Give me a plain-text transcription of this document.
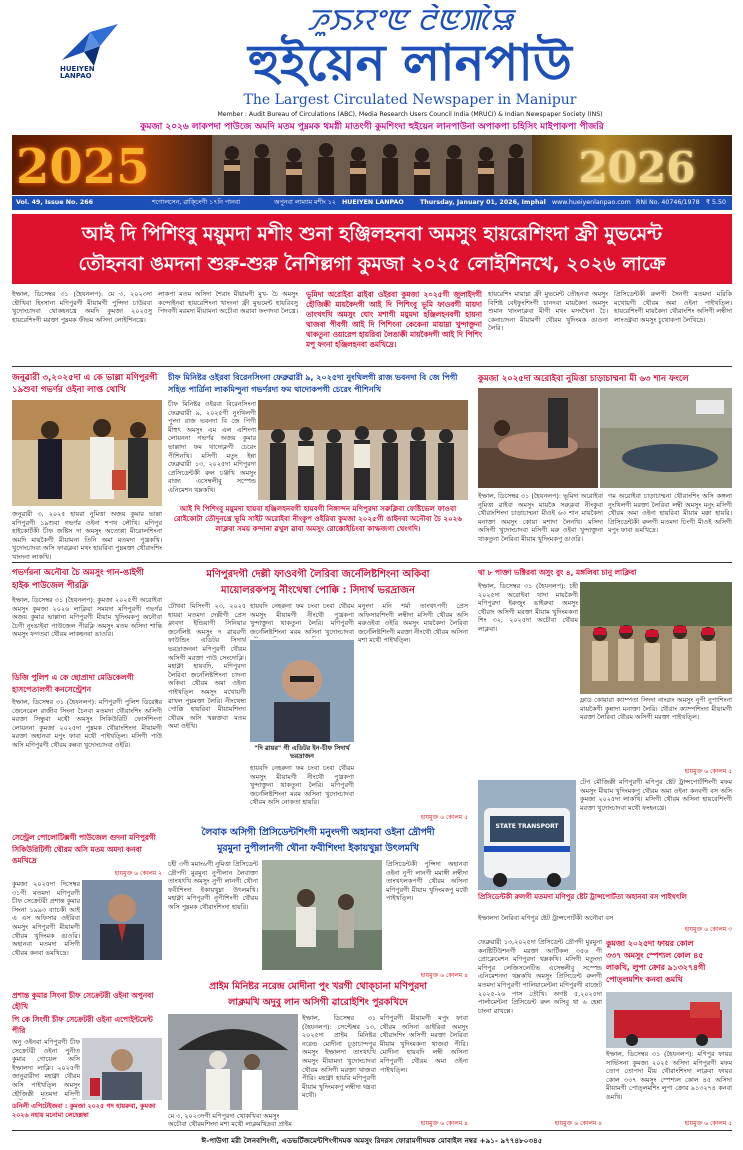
HUEIYEN LANPAO
ꯍꯨꯏꯌꯦꯟ ꯂꯥꯟꯄꯥꯎ
হুইয়েন লানপাউ
The Largest Circulated Newspaper in Manipur
Member : Audit Bureau of Circulations (ABC), Media Research Users Council India (MRUCI) & Indian Newspaper Society (INS)
কুমজা ২০২৬ লাকপদা পাউজে অমদি মতম পুম্নমক থমগ্নী মাতংগী কুমশিংদা হুইয়েন লানপাউনা অপাকপা চহিসিং মাইপাকপা পীজরি
2025	2026
Vol. 49, Issue No. 266	শগোলসেন, ৱাক্চিংগী ১৭নি পানবা	অপুনবা লাম্যাম মশীং ১২ HUEIYEN LANPAO	Thursday, January 01, 2026, Imphal www.hueiyenlanpao.com RNI No. 40746/1978 ₹ 5.50
আই দি পিশিংবু ময়ুমদা মশীং শুনা হঞ্জিলহনবা অমসুং হায়রেশিংদা ফ্রী মুভমেন্ট
তৌহনবা ঙমদনা শুরু-শুরু নৈশিল্লগা কুমজা ২০২৫ লোইশিনখে, ২০২৬ লাক্রে
ইম্ফাল, ডিসেম্বর ৩১ (হৈযনলপ): মে ৩, ২০২৩দা হৌখিবা হিংসানা মণিপুরগী মীয়ামগী পুন্সিদা চাউরবা খুদোংচাদবা থোকহনখ্রে অমদি কুমজা ২০২৫সু হায়রেশিংগী মরক্তা পুম্নমক ফীভম অসিদা লোইশিনখ্রে।
লাকপা মতম অসিদা শৈরাং মীয়ামগী মুখ- চৈ অমসুং কন্দোইনবা হায়রেশিংনা খাংদনা ফ্রী মুভমেন্ট হায়রিবসু পিদবগী মরমদা মীয়ামনা অচৌবা অৱাবা ফংগদবা লৈখ্রে।
ভূমিদা অরোইবা ৱাইবা ওইরবা কুমজা ২০২৫গী জুলাইদগী হৌজিক্কী মায়কৈদগী আই দি পিশিংবু ভূমি ফাওবগী মায়দা তাংখৎখি অমসুং ঘোং মশাগী ময়ুমদা হঞ্জিলহনবগী হায়না থাজবা পীবগী আই দি পিশিংনা কেকেনা মায়াম্না খুন্দাক্তুনা থাকতুনা ওয়ারেপ হায়রিবা লৈঙাক্কী মায়কৈদগী আই দি পিশিং মপু ফংনা হঞ্জিলহনবা ঙমখিদ্রে।
হায়রেশিং মায়াম্না ফ্রী মুভমেন্ট তৌহনবা অমসুং বিশিষ্ট বেইফুংশিংগী চানদবা মায়কৈদা অমসুং শুমান থাংলাক্লবা মীগী মখং মসংখৈনা চৈ। কেনাচাদনা মীয়ামগী থৌরম খুদিংমক ঙাওনা লৈরি।
প্রিসিডেন্টকী রুলগী সৈনগী মতমদা মরিকি মখোয়গী থৌরম অমা ওইনা পাইখত্লি। হায়রেশিংগী মায়কৈদা থৌরাংশিং অসিগী লম্বীদা লাংতক্নবা অমসুং চুথোকপা লৈখিদ্রে।
জনুৱারী ৩,২০২৫দা এ কে ভাল্লা মণিপুরগী ১৯শুবা গভর্ণর ওইনা লাপ্ত থোখি
জনুৱারী ৩, ২০২৫ হায়রা নুমিত্তা অজয় কুমার ভাল্লা মণিপুরগী ১৯শুবা গভর্ণর ওইনা শপথ লৌখি। মণিপুর হাইকোর্টকী চীফ জষ্টিস দা অমসুং অতোপ্পা মীরোলশিংনা অমদি মায়কৈগী মীয়ামনা তিনি অমা মতমদা পুখ্রকখি। খুদোংচাদবা অসি ফারূক্লবা মথং হায়রিবা পুম্নমক্তা থৌরাংশিং খাংদনা লাকখি।
চীফ মিনিষ্টর ওইরবা বিরেনসিংনা ফেব্রুৱারী ৯, ২০২৫দা নুংথিলগী রাজ ভবনদা বি জে পিগী সহিত পার্ত্রিনা লাকমিন্দুনা গভর্ণরদা ফম থাদোকপগী চেরেং পীশিনখি
চীফ মিনিষ্টর ওইরবা বিরেনসিংনা ফেব্রুৱারী ৯, ২০২৫গী নুংথিলগী পুংদা রাজ ভবনদা বি জে পিগী মীহুৎ অমসুং এম এল এশিংগা লোয়ননা গভর্ণর অজয় কুমার ভাল্লাদা ফম থাদোক্লগী চেরেং পীশিনখি। মসিগী মতুং ইন্না ফেব্রুৱারী ১৩, ২০২৫দা মণিপুরদা প্রেসিডেন্টকী রুল চঞ্জখি অমসুং রাজ্য এসেম্বলীবু সস্পেন্ড এনিমেশন থম্লকখি।
কুমজা ২০২৫দা অরোইবা নুমিত্তা চাড়াচাম্মনা মী ৬৩ শান ফংলে
ইম্ফাল, ডিসেম্বর ৩১ (হৈযনলপ): ভূমিদা অরোইবা নুমিত্তা ৱাইবা অমসুং মায়কৈ সরুক্লবা নীংকুবা থৌরাংশিংদা চাড়াচাম্মনা মীওই ৬৩ শান মায়কৈদা মনাক্তা অমসুং কোয়া মশাদা লৈনখি। মসিদা অসিগী খুদোংচাদবা মসিগী মরু ওইবা খুন্দাক্তুনা থাকতুনা লৈরিবা মীয়াম খুদিংমকপু ঙাওরি।
গম অরোইবা চাড়াচাম্মনা থৌরাংশিং অসি কঙ্গলা নুংথিলগী মরক্তা লৈরিবা লম্বী অমসুং মনুং মসিগী থৌরম অমা ওইনা হায়রিবা মীয়াম মক্কা হায়রি। প্রিসিডেন্টকী রুলগী মতমদা চিংগী মীওই অসিগী মপুং ফাবা ঙমখিদ্রে।
আই দি পিশিংবু ময়ুমদা হায়বা হঞ্জিলহনবগী হায়বগী নিঙ্গান্দন মণিপুরদা সরুক্লিবা ফেষ্টিভেল ফাওবা রোইকোটা তৌদুনখ্রে ভূমি সাইট অরোইবা নীংকুপ ওইরিবা কুমজা ২০২৫গী ঙাইনবা অনৌবা চৈ ২০২৬ লাক্লবা সময় কন্দানা ৱখুল ৱাবা অমসুং রোক্কোইচিংবা কাম্ফজগা থেংগদি।
গভর্ণরনা অনৌবা চৈ অমসুং গান-ঙাইগী হাইক পাউজেল পীরক্লি
ইম্ফাল, ডিসেম্বর ৩১ (হৈযনলপ): কুমজা ২০২৫গী অরোইবা অমসুং কুমজা ২০২৬ লাক্লিবা সময়দা মণিপুরগী গভর্ণর অজয় কুমার ভাল্লানা মণিপুরগী মীয়াম খুদিংমকপু অনৌবা চৈগী নুংঙাইবা পাউজেল পীরক্লি অমসুং মতম অসিদা শান্তি অমসুং ফগতবা থৌরম লাকহনবা ঙাওরি।
ডিজি পুলিশ এ কে ছোপ্রাদা মেডিকেলগী হাসপেতালগী কনসেন্ট্রেশন
ইম্ফাল, ডিসেম্বর ৩১ (হৈযনলপ): মণিপুরগী পুলিশ ডিরেক্টর জেনেরেল রাজীব সিংনা চৈনবা মতমদা থৌরাংশিং অসিগী মরক্তা সিন্ধুবা মথৌ অমসুং সিকিউরিটি ফোর্সশিংগা লোয়ননা কুমজা ২০২৫দা পুম্নমক থৌরাংশিংদা মীয়ামগী মরক্তা অহানবা মপুং ফাবা মথৌ পাইখত্লি। মসিগী পাউ অসি মণিপুরগী থৌরম কন্নবা খুদোংচাদবা ওইরি।
সেন্ট্রেল পোলোটিক্সগী পাউজেল গুদনা মণিপুরগী সিকিউরিটিগী থৌরম অসি মতম অমদা কনবা ঙমখিদ্রে
হায়মুক্ত ৬ কোলম ২
কুমজা ২০২৫দা দিসেম্বর ৩১গী মতমদা মণিপুরগী চীফ সেক্রেটরী প্রশান্ত কুমার সিংনা ১৯৯৩ ব্যাচকী আই এ এস অফিসার ওইরিবা অমসুং মণিপুরগী মীয়ামগী থৌরম খুদিংমক ঙাওরি। অহানবা মতমদা মসিগী থৌরম কনবা ঙমখিদ্রে।
প্রশান্ত কুমার সিংনা চীফ সেক্রেটরী ওইনা অপুনবা হৌখি
পি কে সিংগী চীফ সেক্রেটরী ওইনা এপোইন্টমেন্ট পীরি
অনু ওইনবা মণিপুরগী চীফ সেক্রেটরী ওইনা পুনীত কুমার গোয়েল অসি ইম্ফালদা লাক্লি। ২০২৫গী জানুৱারীদা মহাক্না থৌরম অসি পাইখত্লি অমসুং হৌজিক্কী মতমদা মসিগী
ডনিলী এপিটেইজবা : কুমজা ২০২৫ গদ হায়রুবা, কুমজা ২০২৬ নহায় মনোমা লেহেল্লম্বা
মণিপুরদগী দেল্লী ফাওবগী লৈরিবা জর্নেলিষ্টশিংনা অকিবা
মায়োলরকপসু নীংথেম্বা পোক্কি : সিদার্থ ভরদ্রাজন
ঢৌথবা মিসিংগী ২৩, ২০২৫ হায়রা মতমদা দেল্লীগী প্রেস ক্লাবদা ইন্ডিয়াগী সিনিয়ার জর্নেলিষ্ট অমসুং দ ৱায়রগী ফাউন্ডিং এডিটর সিদার্থ ভরদ্রাজননা মণিপুরগী থৌরম অসিগী মরক্তা পাউ সেংদোক্লি। মহাক্না হায়বদি, মণিপুরদা লৈরিবা জর্নেলিষ্টশিংনা চাদনা অকিবা থৌরম অমা ওইনা পাইখত্লি অমসুং মখোয়গী ৱাখল পুম্নমক্তা লৈরি। নীংথেম্বা পোক্কি হায়রিবা মীয়ামশিংদা থৌরম অসি খল্লক্তবা মতম অমা ওইখি।
"দি ৱায়র" গী এডিটর ইন-চীফ সিদার্থ ভরদ্রাজন
হায়বদি নেহরুনা ফম চংবা চংবা থৌরম অমসুং মীয়ামগী নীংথৌ পুখ্রকপা খুন্দাক্তুনা থাকতুনা লৈরি। মণিপুরগী জর্নেলিষ্টশিংনা মরম অসিনা খুদোংচাদবা
হায়বদি নেহরুনা ফম চংবা চংবা থৌরম অমসুং মীয়ামগী নীংথৌ পুখ্রকপা খুন্দাক্তুনা থাকতুনা লৈরি। মণিপুরগী জর্নেলিষ্টশিংনা মরম অসিনা খুদোংচাদবা থৌরম অসি নোকতা হায়রি।
মনুংদা মনি শর্মা তাংখৎপগী প্রেস অফিসারশিংগী লম্বীদা মসিগী থৌরম অসি মরুওইবা ওইরি অমসুং মায়কৈদা লৈরিবা জর্নেলিষ্টশিংগী মরক্তা নীংথৌ থৌরম অসিনা মশা মথৌ পাইখত্লি।
হায়মুক্ত ৬ কোলম ৫
লৈবাক অসিগী প্রিসিডেন্টশিংগী মনুংদগী অহানবা ওইনা দ্রৌপদী
মুরমুনা নুপীলানগী থৌনা ফবীশিংদা ইকায়খুম্না উৎলমখি
চহী ৩গী মমাং৬গী নুমিত্তা প্রিসিডেন্ট দ্রৌপদী মুরমুনা নুপীলান লৈবাক্তা তাংখৎখি অমসুং নুপী লানগী থৌনা ফবীশিংদা ইকায়খুম্না উৎলমখি। মহাক্না মণিপুরগী নুপীশিংগী থৌরম অসি পুম্নমক থৌরাংশিংদা হায়রি।
প্রিসিডেন্টকী পুন্সিদা অহানবা ওইনা নুপী লানগী মমাঙ্গী লম্বীদা তাংখৎলকপগী থৌরম অসিনা মণিপুরগী মীয়াম খুদিংমকপু মথৌ পাইখত্লি।
হায়মুক্ত ৬ কোলম ৪
প্রাইম মিনিষ্টর নরেন্দ্র মোদীনা পুং খরগী থোক্চানা মণিপুরদা
লাক্লমখি অদুবু লান অসিগী ৱারোইশিং পুরকখিদে
মে ৩, ২০২৩দগী মণিপুরদা থোকখিবা অমসুং অচৌবা থৌরমশিংদা মশা মথৌ লাক্লমখিদ্রবা প্রাইম
ইম্ফাল, ডিসেম্বর ৩১ (হৈযনলপ): সেপ্টেম্বর ১৩, ২০২৫দা প্রাইম মিনিষ্টর নরেন্দ্র মোদীনা চূড়াচান্দপুর অমসুং ইম্ফালদা তাংখৎখি অমসুং মীয়ামদা খুদোংচাদবা থৌরম অসিগী মরক্তা থাজবা পীরি। মহাক্না হায়রি মণিপুরগী মীয়াম খুদিংমকপু লম্বীদা থম্নবা মথৌ।
মণিপুরগী মীয়ামগী মপুং ফাবা থৌরম অসিনা ঙাইরিবা অমসুং থৌরাংশিং অসিগী মরক্তা লৈরিবা মীয়াম খুদিংমকনা থাজবা পীরি। মোদীনা হায়বদি লম্বী অসিনা মণিপুরগী থৌরম অমা ওইনা পাইখত্লি।
হায়মুক্ত ৬ কোলম ৪
থা ৮ পাক্তা ভক্টিরবা অসুং বুং ৪, মঙ্গলিবা চানু লাক্লিবা
ইম্ফাল, ডিসেম্বর ৩১ (হৈযনলপ): চহী ২০২৫দা অরোইবা থাদা মায়কৈগী মণিপুরদা ইরুজুং ঙাইরুবা অমসুং থৌরাং অসিগী মরক্তা মীয়াম খুদিংমকনা শিং ৩২, ২০২৫দা অচৌবা থৌরম লাক্লবা।
ফ্লাড কোয়ারা ক্যাম্পতা সিদদা নাংরাং অমসুং নুপী নুপাশিংনা মায়কৈগী কুন্নাদা মনাক্তা লৈরি। থৌরাং ক্যাম্পশিংদা মীয়ামগী মরক্তা লৈরিবা থৌরম অসিগী মরক্তা পাইখত্লি।
হায়মুক্ত ৬ কোলম ৫
টেপ মৌজিক্কী মণিপুরগী মণিপুর ষ্টেট ট্রান্সপোর্টশিংগী মফম অমসুং মীয়াম খুদিংমকপু থৌরম অমা ওইনা কনবগী বস অসি কুমজা ২০২৫দা লাকখি। মসিগী থৌরম অসিনা হায়রেশিংগী মরক্তা খুদোংচাদবা মথৌ ফংহনখ্রে।
STATE TRANSPORT
প্রিসিডেন্টকী রুলগী মতমদা মণিপুর ষ্টেট ট্রান্সপোর্টতা অহানবা বস পাইখৎলি
ইম্ফালদা লৈরিবা মণিপুর ষ্টেট ট্রান্সপোর্টকী অনৌবা বস
হায়মুক্ত ৬ কোলম ৩
ফেব্রুৱারী ১৩,২০২৫দা প্রিসিডেন্ট দ্রৌপদী মুরমুনা কনষ্টিটিউশনগী মরক্তা আর্টিকল ৩৫৬ গী প্রোক্লেমেশন মণিপুরদা থম্লকখি। মসিগী মতুংদা মণিপুর লেজিসলেটিভ এসেম্বলীবু সস্পেন্ড এনিমেশনদা থম্লকখি অমসুং প্রিসিডেন্ট রুলগী মতমদা মণিপুরগী পালিয়ামেন্টনা মণিপুরগী বাজেট ২০২৫-২৬ পাস তৌখি। অগষ্ট ৫,২০২৫দা পার্লামেন্টনা প্রিসিডেন্ট রুল অসিবু থা ৬ হেন্না চাংনা ৱাখল্লে।
হায়মুক্ত ৬ কোলম ৪
কুমজা ২০২৫দা ফায়র কোল
৩৩৭ অমসুং স্পেশ্যল কোল ৪৫
লাকখি, লুপা ক্রোর ৯১৩২৭৪গী
পোত্‌লমশিং কনবা ঙমখি
ইম্ফাল, ডিসেম্বর ৩১ (হৈযনলপ): মণিপুর ফায়র সার্ভিসনা কুমজা ২০২৫ অসিদা মণিপুরগী মফম তোপ তোপদা মীয় থৌরাংশিংদা লাক্লবা ফায়র কোল ৩৩৭ অমসুং স্পেশ্যল কোল ৪৫ অসিদা মীয়ামগী পোত্‌লমশিং লুপা ক্রোর ৯১৩২৭৪ কনবা ঙমখি।
হায়মুক্ত ৬ কোলম ৫
ঈ-পাউগা মরী লৈনবশিংগী, এডভর্টিজমেন্টশিংগীদমক অমসুং রিদরস ফোরামগীদমক মোবাইল নম্বর +৯১- ৯৭৭৪৮০৩৪৫
